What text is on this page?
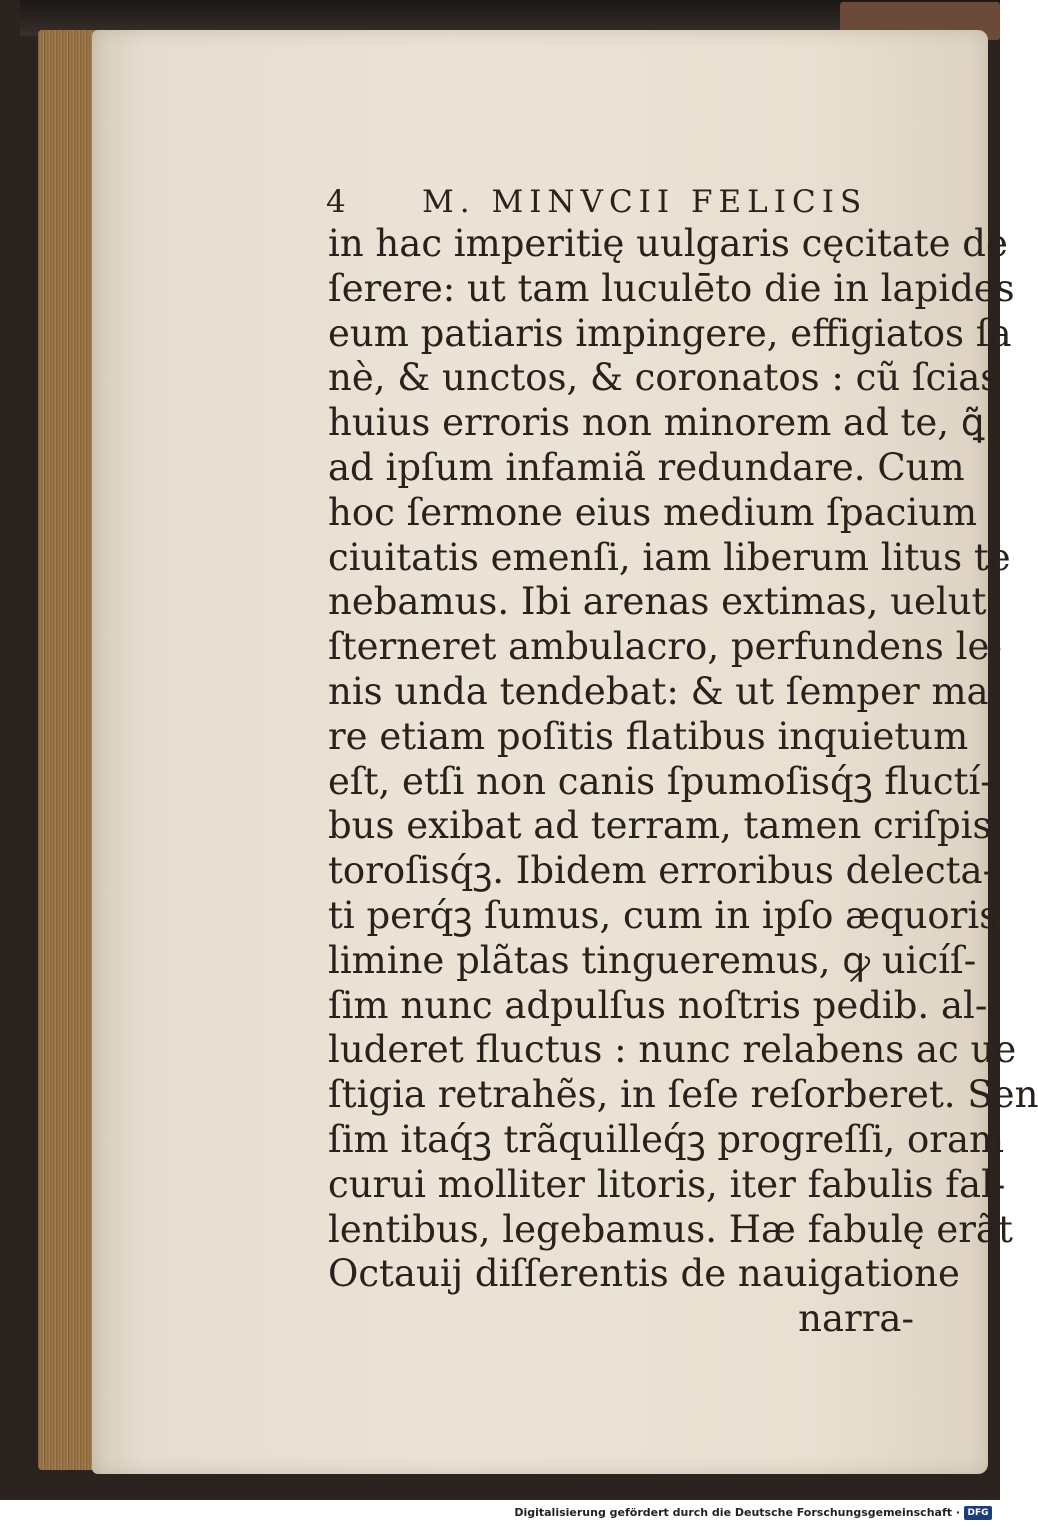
4 M. MINVCII FELICIS
in hac imperitię uulgaris cęcitate de
ſerere: ut tam luculēto die in lapides
eum patiaris impingere, effigiatos ſa
nè, & unctos, & coronatos : cũ ſcias
huius erroris non minorem ad te, ꝗ̃
ad ipſum infamiã redundare. Cum
hoc ſermone eius medium ſpacium
ciuitatis emenſi, iam liberum litus te
nebamus. Ibi arenas extimas, uelut
ſterneret ambulacro, perfundens le-
nis unda tendebat: & ut ſemper ma-
re etiam poſitis flatibus inquietum
eſt, etſi non canis ſpumoſisq́ꝫ fluctí-
bus exibat ad terram, tamen criſpis
toroſisq́ꝫ. Ibidem erroribus delecta-
ti perq́ꝫ ſumus, cum in ipſo æquoris
limine plãtas tingueremus, ꝙ uicíſ-
ſim nunc adpulſus noſtris pedib. al-
luderet fluctus : nunc relabens ac ue
ſtigia retrahẽs, in ſeſe reſorberet. Sen
ſim itaq́ꝫ trãquilleq́ꝫ progreſſi, oram
curui molliter litoris, iter fabulis fal-
lentibus, legebamus. Hæ fabulę erãt
Octauij diſſerentis de nauigatione
narra-
Digitalisierung gefördert durch die Deutsche Forschungsgemeinschaft · DFG
